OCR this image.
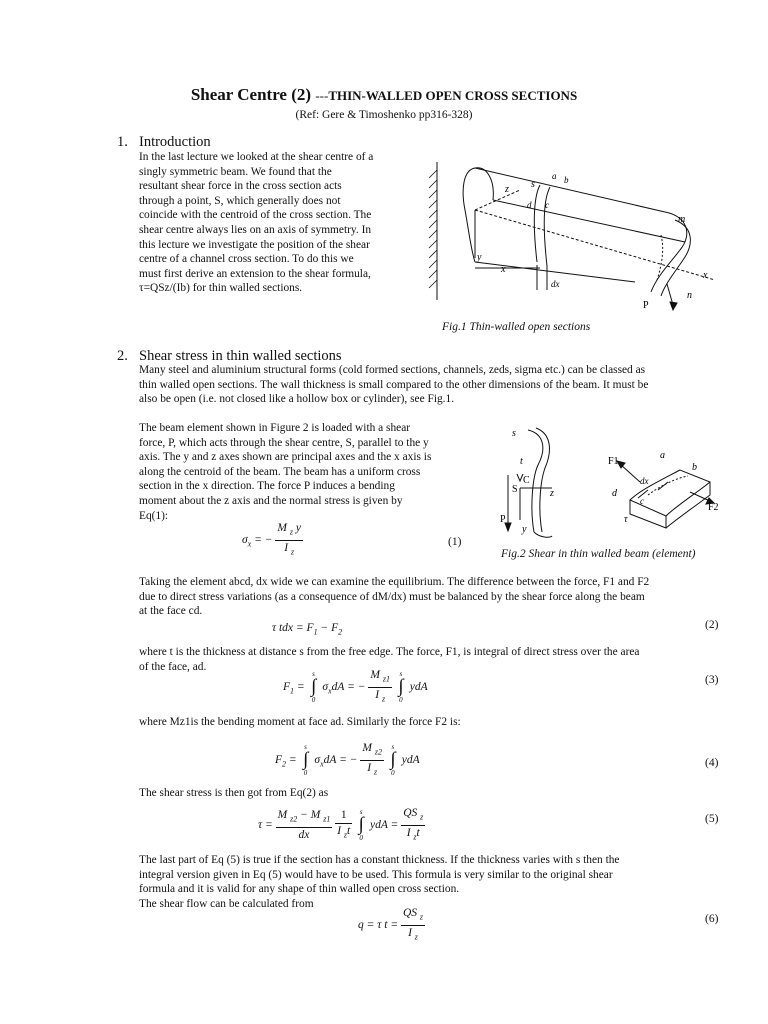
Shear Centre (2) ---THIN-WALLED OPEN CROSS SECTIONS
(Ref: Gere & Timoshenko pp316-328)
1. Introduction
In the last lecture we looked at the shear centre of a
singly symmetric beam. We found that the
resultant shear force in the cross section acts
through a point, S, which generally does not
coincide with the centroid of the cross section. The
shear centre always lies on an axis of symmetry. In
this lecture we investigate the position of the shear
centre of a channel cross section. To do this we
must first derive an extension to the shear formula,
τ=QSz/(Ib) for thin walled sections.
z s
a b
d c
m
y
x
x
dx
n
P
Fig.1 Thin-walled open sections
2. Shear stress in thin walled sections
Many steel and aluminium structural forms (cold formed sections, channels, zeds, sigma etc.) can be classed as
thin walled open sections. The wall thickness is small compared to the other dimensions of the beam. It must be
also be open (i.e. not closed like a hollow box or cylinder), see Fig.1.
The beam element shown in Figure 2 is loaded with a shear
force, P, which acts through the shear centre, S, parallel to the y
axis. The y and z axes shown are principal axes and the x axis is
along the centroid of the beam. The beam has a uniform cross
section in the x direction. The force P induces a bending
moment about the z axis and the normal stress is given by
Eq(1):
$\sigma_x$ = − $\frac{M _z y}{I _z}$	(1)
s
t
C
S	z
P
y
F1
a
b
d
dx
c
F2
τ
Fig.2 Shear in thin walled beam (element)
Taking the element abcd, dx wide we can examine the equilibrium. The difference between the force, F1 and F2
due to direct stress variations (as a consequence of dM/dx) must be balanced by the shear force along the beam
at the face cd.
τ tdx = $F_1 - F_2$
(2)
where t is the thickness at distance s from the free edge. The force, F1, is integral of direct stress over the area
of the face, ad.
$F_1$ =
s
∫
0
$\sigma_xdA$ = − $\frac{M _{z1}}{I _z}$
	s
∫
0
ydA
(3)
where Mz1is the bending moment at face ad. Similarly the force F2 is:
$F_2$ =
s
∫
0
$\sigma_xdA$ = − $\frac{M _{z2}}{I _z}$
	s
∫
0
ydA	(4)
The shear stress is then got from Eq(2) as
$\tau = \frac{M _{z2} - M _{z1}}{dx}$
$\frac{1}{I _zt}$
	s
∫
0
ydA = $\frac{QS _z}{I _zt}$	(5)
The last part of Eq (5) is true if the section has a constant thickness. If the thickness varies with s then the
integral version given in Eq (5) would have to be used. This formula is very similar to the original shear
formula and it is valid for any shape of thin walled open cross section.
The shear flow can be calculated from
q = τ $t = \frac{QS _z}{I _z}$	(6)
